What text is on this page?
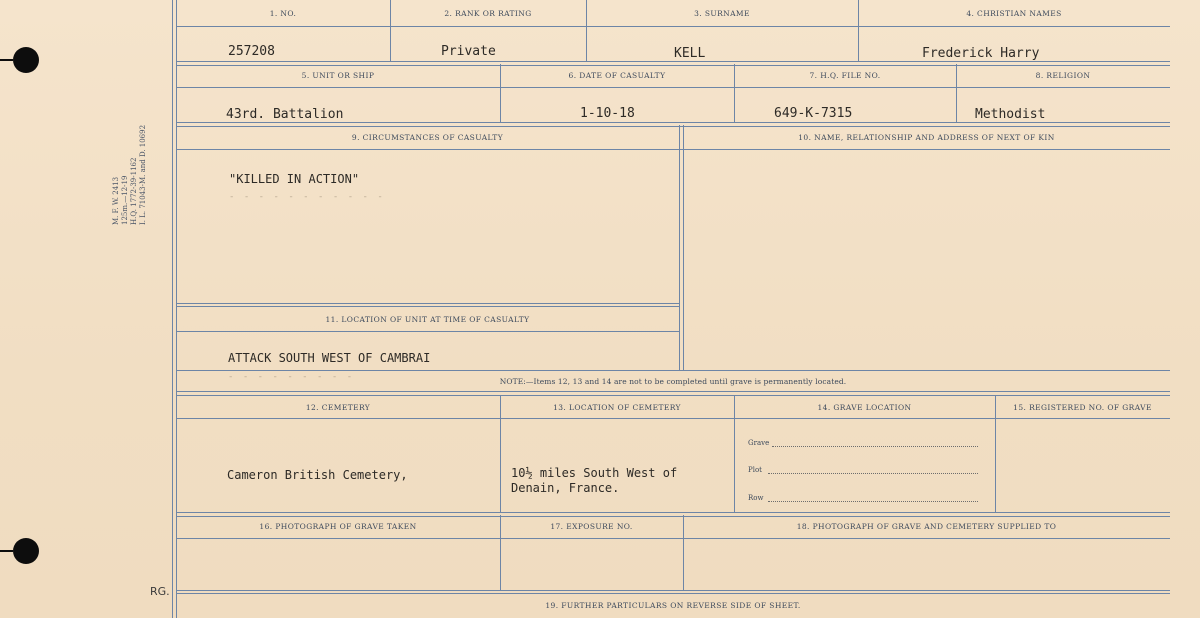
M. F. W. 2413 125m.—12-19 H.Q. 1772-39-1162 I. L. 71043-M. and D. 10692
1. NO.	2. RANK OR RATING	3. SURNAME	4. CHRISTIAN NAMES
257208	Private	KELL	Frederick Harry
5. UNIT OR SHIP	6. DATE OF CASUALTY	7. H.Q. FILE NO.	8. RELIGION
43rd. Battalion	1-10-18	649-K-7315	Methodist
9. CIRCUMSTANCES OF CASUALTY	10. NAME, RELATIONSHIP AND ADDRESS OF NEXT OF KIN
"KILLED IN ACTION"
- - - - - - - - - - -
11. LOCATION OF UNIT AT TIME OF CASUALTY
ATTACK SOUTH WEST OF CAMBRAI
- - - - - - - - -	NOTE:—Items 12, 13 and 14 are not to be completed until grave is permanently located.
12. CEMETERY	13. LOCATION OF CEMETERY	14. GRAVE LOCATION	15. REGISTERED NO. OF GRAVE
Cameron British Cemetery,	10½ miles South West of
Denain, France.
Grave
Plot
Row
16. PHOTOGRAPH OF GRAVE TAKEN	17. EXPOSURE NO.	18. PHOTOGRAPH OF GRAVE AND CEMETERY SUPPLIED TO
19. FURTHER PARTICULARS ON REVERSE SIDE OF SHEET.
RG.
